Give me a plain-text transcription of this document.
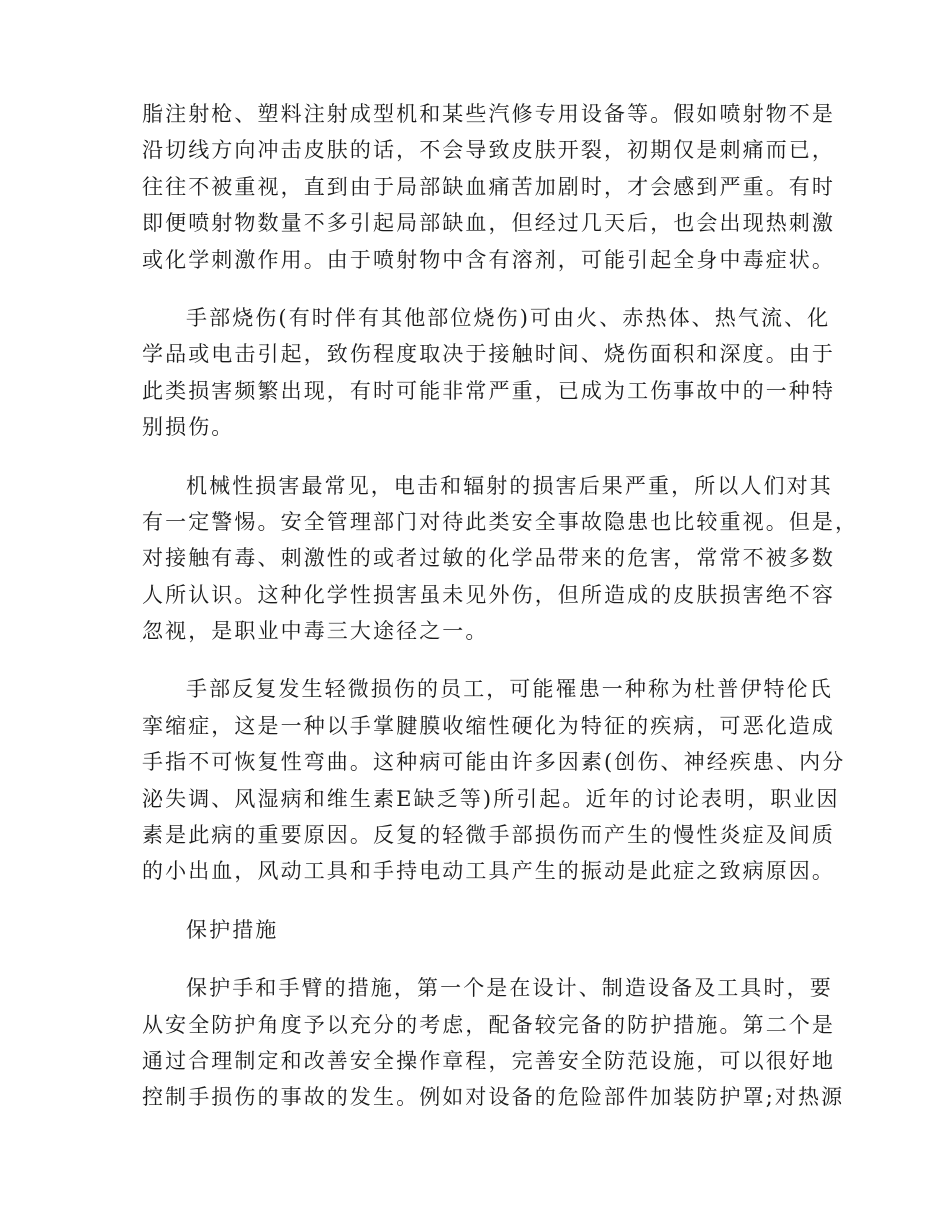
脂注射枪、塑料注射成型机和某些汽修专用设备等。假如喷射物不是
沿切线方向冲击皮肤的话，不会导致皮肤开裂，初期仅是刺痛而已，
往往不被重视，直到由于局部缺血痛苦加剧时，才会感到严重。有时
即便喷射物数量不多引起局部缺血，但经过几天后，也会出现热刺激
或化学刺激作用。由于喷射物中含有溶剂，可能引起全身中毒症状。
手部烧伤(有时伴有其他部位烧伤)可由火、赤热体、热气流、化
学品或电击引起，致伤程度取决于接触时间、烧伤面积和深度。由于
此类损害频繁出现，有时可能非常严重，已成为工伤事故中的一种特
别损伤。
机械性损害最常见，电击和辐射的损害后果严重，所以人们对其
有一定警惕。安全管理部门对待此类安全事故隐患也比较重视。但是，
对接触有毒、刺激性的或者过敏的化学品带来的危害，常常不被多数
人所认识。这种化学性损害虽未见外伤，但所造成的皮肤损害绝不容
忽视，是职业中毒三大途径之一。
手部反复发生轻微损伤的员工，可能罹患一种称为杜普伊特伦氏
挛缩症，这是一种以手掌腱膜收缩性硬化为特征的疾病，可恶化造成
手指不可恢复性弯曲。这种病可能由许多因素(创伤、神经疾患、内分
泌失调、风湿病和维生素E缺乏等)所引起。近年的讨论表明，职业因
素是此病的重要原因。反复的轻微手部损伤而产生的慢性炎症及间质
的小出血，风动工具和手持电动工具产生的振动是此症之致病原因。
保护措施
保护手和手臂的措施，第一个是在设计、制造设备及工具时，要
从安全防护角度予以充分的考虑，配备较完备的防护措施。第二个是
通过合理制定和改善安全操作章程，完善安全防范设施，可以很好地
控制手损伤的事故的发生。例如对设备的危险部件加装防护罩;对热源
